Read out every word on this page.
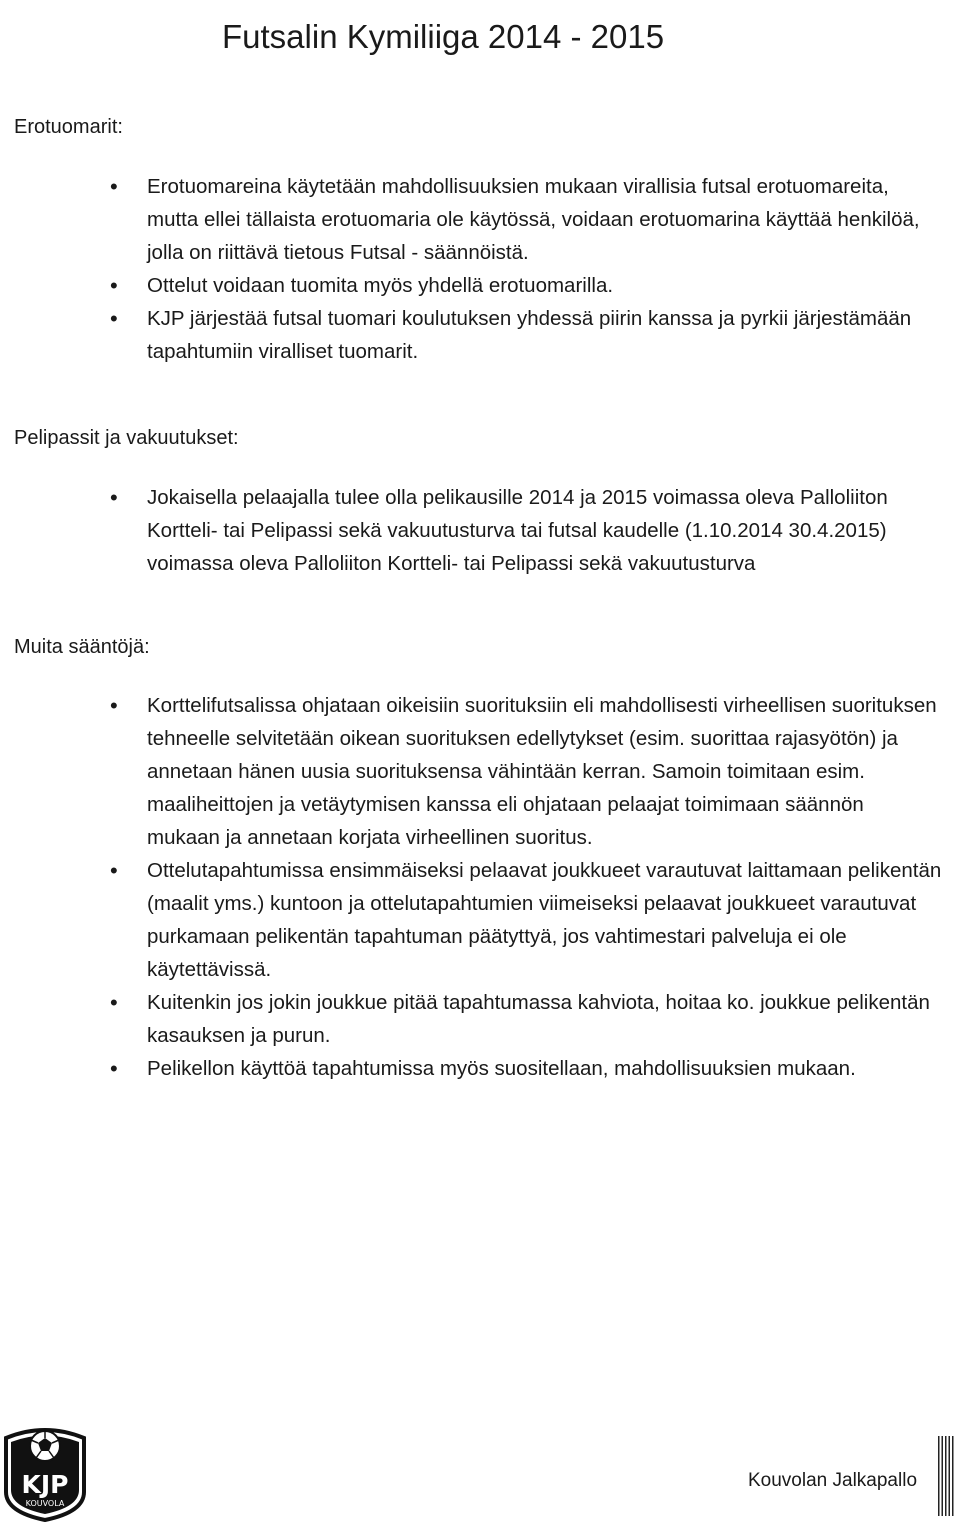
Futsalin Kymiliiga 2014 - 2015
Erotuomarit:
• Erotuomareina käytetään mahdollisuuksien mukaan virallisia futsal erotuomareita, mutta ellei tällaista erotuomaria ole käytössä, voidaan erotuomarina käyttää henkilöä, jolla on riittävä tietous Futsal - säännöistä.
• Ottelut voidaan tuomita myös yhdellä erotuomarilla.
• KJP järjestää futsal tuomari koulutuksen yhdessä piirin kanssa ja pyrkii järjestämään tapahtumiin viralliset tuomarit.
Pelipassit ja vakuutukset:
• Jokaisella pelaajalla tulee olla pelikausille 2014 ja 2015 voimassa oleva Palloliiton Kortteli- tai Pelipassi sekä vakuutusturva tai futsal kaudelle (1.10.2014 30.4.2015) voimassa oleva Palloliiton Kortteli- tai Pelipassi sekä vakuutusturva
Muita sääntöjä:
• Korttelifutsalissa ohjataan oikeisiin suorituksiin eli mahdollisesti virheellisen suorituksen tehneelle selvitetään oikean suorituksen edellytykset (esim. suorittaa rajasyötön) ja annetaan hänen uusia suorituksensa vähintään kerran. Samoin toimitaan esim. maaliheittojen ja vetäytymisen kanssa eli ohjataan pelaajat toimimaan säännön mukaan ja annetaan korjata virheellinen suoritus.
• Ottelutapahtumissa ensimmäiseksi pelaavat joukkueet varautuvat laittamaan pelikentän (maalit yms.) kuntoon ja ottelutapahtumien viimeiseksi pelaavat joukkueet varautuvat purkamaan pelikentän tapahtuman päätyttyä, jos vahtimestari palveluja ei ole käytettävissä.
• Kuitenkin jos jokin joukkue pitää tapahtumassa kahviota, hoitaa ko. joukkue pelikentän kasauksen ja purun.
• Pelikellon käyttöä tapahtumissa myös suositellaan, mahdollisuuksien mukaan.
KJP
KOUVOLA
Kouvolan Jalkapallo
